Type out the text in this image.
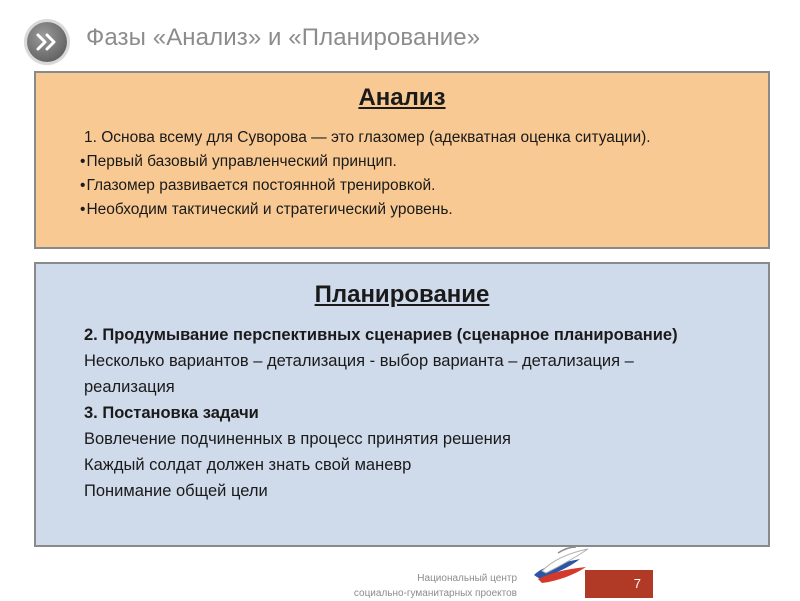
Фазы «Анализ» и «Планирование»
Анализ
1. Основа всему для Суворова — это глазомер (адекватная оценка ситуации).
• Первый базовый управленческий принцип.
• Глазомер развивается постоянной тренировкой.
• Необходим тактический и стратегический уровень.
Планирование
2. Продумывание перспективных сценариев (сценарное планирование)
Несколько вариантов – детализация - выбор варианта – детализация –
реализация
3. Постановка задачи
Вовлечение подчиненных в процесс принятия решения
Каждый солдат должен знать свой маневр
Понимание общей цели
Национальный центр
социально-гуманитарных проектов
7
